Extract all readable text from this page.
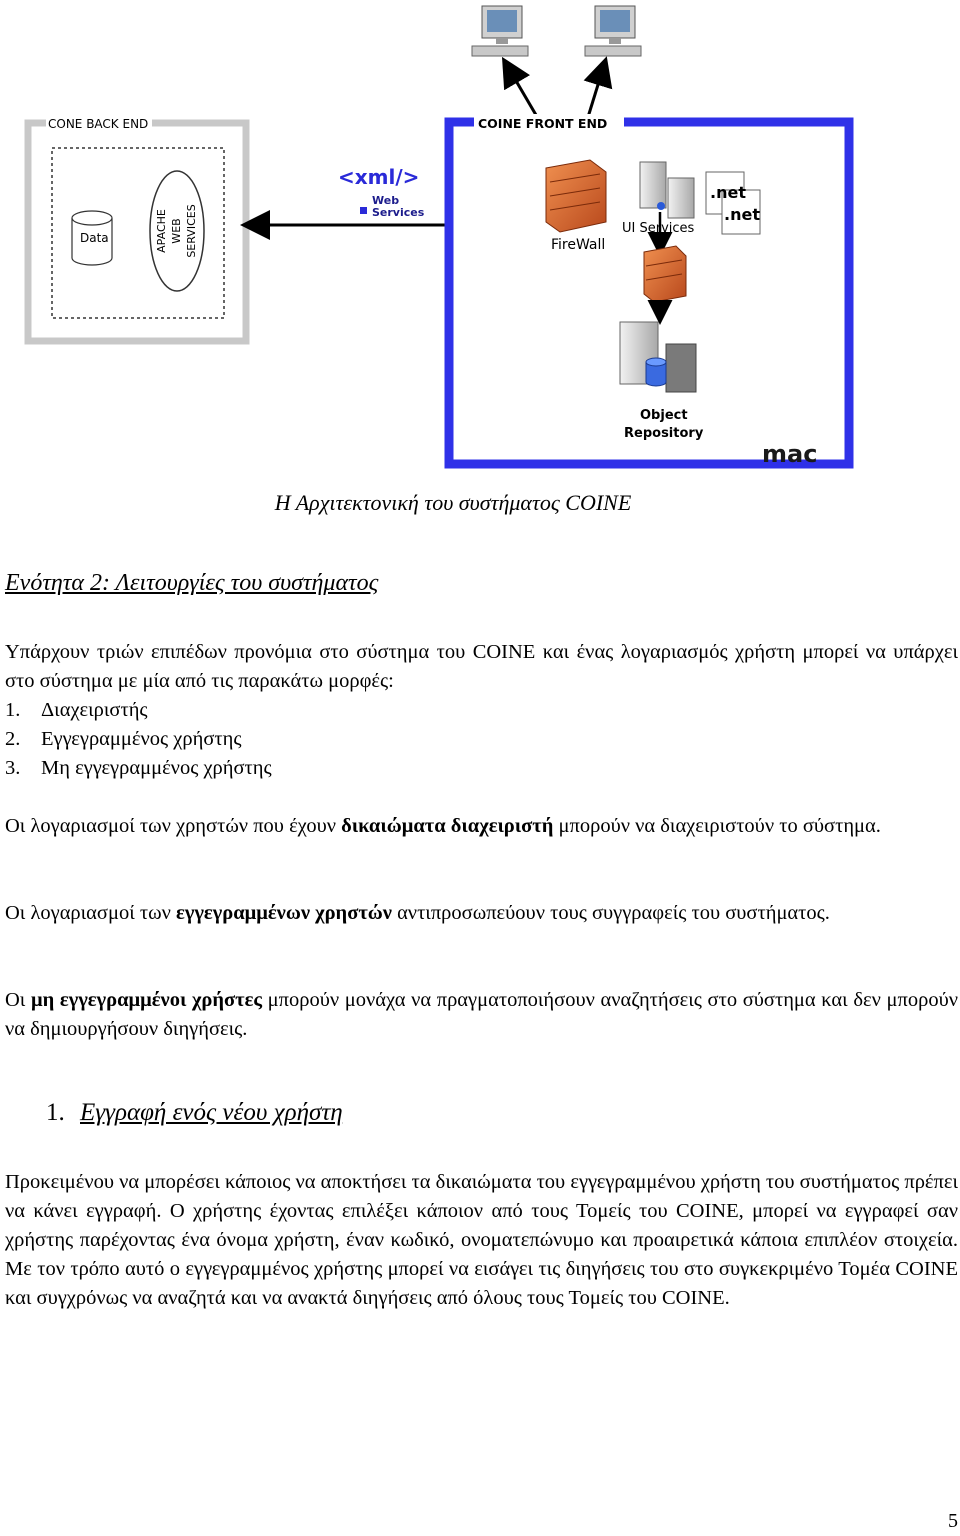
CONE BACK END
Data	APACHE WEB SERVICES
<xml/>
Web
Services
COINE FRONT END
FireWall
.net
.net
UI Services
Object
Repository
mac
Η Αρχιτεκτονική του συστήματος COINE
Ενότητα 2: Λειτουργίες του συστήματος
Υπάρχουν τριών επιπέδων προνόμια στο σύστημα του COINE και ένας λογαριασμός χρήστη μπορεί να υπάρχει στο σύστημα με μία από τις παρακάτω μορφές:
1. Διαχειριστής
2. Εγγεγραμμένος χρήστης
3. Μη εγγεγραμμένος χρήστης
Οι λογαριασμοί των χρηστών που έχουν δικαιώματα διαχειριστή μπορούν να διαχειριστούν το σύστημα.
Οι λογαριασμοί των εγγεγραμμένων χρηστών αντιπροσωπεύουν τους συγγραφείς του συστήματος.
Οι μη εγγεγραμμένοι χρήστες μπορούν μονάχα να πραγματοποιήσουν αναζητήσεις στο σύστημα και δεν μπορούν να δημιουργήσουν διηγήσεις.
1. Εγγραφή ενός νέου χρήστη
Προκειμένου να μπορέσει κάποιος να αποκτήσει τα δικαιώματα του εγγεγραμμένου χρήστη του συστήματος πρέπει να κάνει εγγραφή. Ο χρήστης έχοντας επιλέξει κάποιον από τους Τομείς του COINE, μπορεί να εγγραφεί σαν χρήστης παρέχοντας ένα όνομα χρήστη, έναν κωδικό, ονοματεπώνυμο και προαιρετικά κάποια επιπλέον στοιχεία. Με τον τρόπο αυτό ο εγγεγραμμένος χρήστης μπορεί να εισάγει τις διηγήσεις του στο συγκεκριμένο Τομέα COINE και συγχρόνως να αναζητά και να ανακτά διηγήσεις από όλους τους Τομείς του COINE.
5
